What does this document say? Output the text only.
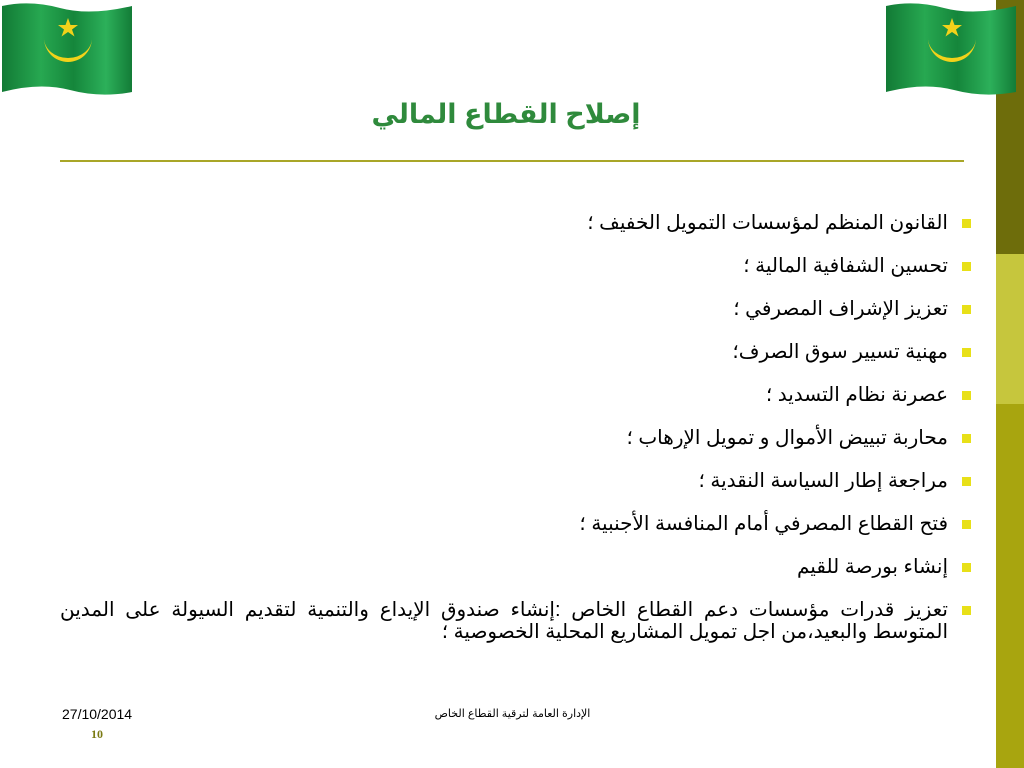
إصلاح القطاع المالي
القانون المنظم لمؤسسات التمويل الخفيف ؛
تحسين الشفافية المالية ؛
تعزيز الإشراف المصرفي ؛
مهنية تسيير سوق الصرف؛
عصرنة نظام التسديد ؛
محاربة تبييض الأموال و تمويل الإرهاب ؛
مراجعة إطار السياسة النقدية ؛
فتح القطاع المصرفي أمام المنافسة الأجنبية ؛
إنشاء بورصة للقيم
تعزيز قدرات مؤسسات دعم القطاع الخاص :إنشاء صندوق الإيداع والتنمية لتقديم السيولة على المدين المتوسط والبعيد،من اجل تمويل المشاريع المحلية الخصوصية ؛
27/10/2014
10
الإدارة العامة لترقية القطاع الخاص
